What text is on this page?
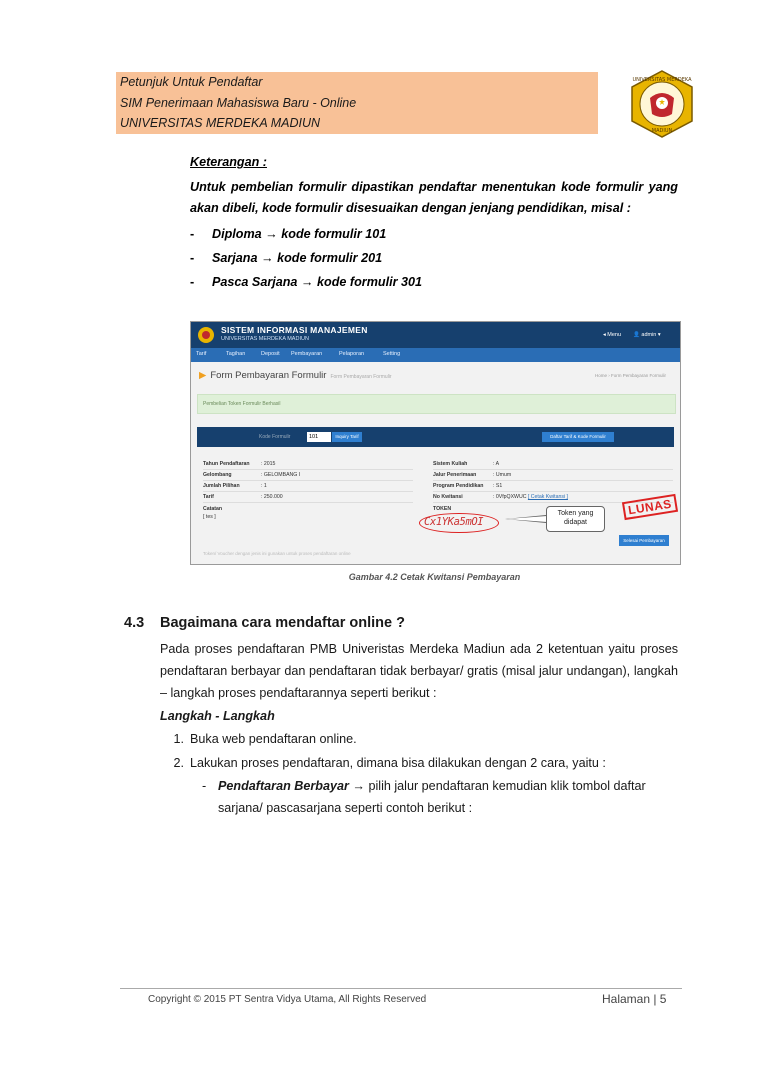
Petunjuk Untuk Pendaftar
SIM Penerimaan Mahasiswa Baru - Online
UNIVERSITAS MERDEKA MADIUN
UNIVERSITAS MERDEKA
MADIUN
Keterangan :

Untuk pembelian formulir dipastikan pendaftar menentukan kode formulir yang akan dibeli, kode formulir disesuaikan dengan jenjang pendidikan, misal :

-	Diploma → kode formulir 101
-	Sarjana → kode formulir 201
-	Pasca Sarjana → kode formulir 301
SISTEM INFORMASI MANAJEMEN
UNIVERSITAS MERDEKA MADIUN
◂ Menu 👤 admin ▾
Tarif	Tagihan	Deposit Pembayaran	Pelaporan	Setting
▶ Form Pembayaran Formulir Form Pembayaran Formulir	Home › Form Pembayaran Formulir
Pembelian Token Formulir Berhasil
Kode Formulir	101	Inquiry Tarif	Daftar Tarif & Kode Formulir
Tahun Pendaftaran : 2015
Gelombang	: GELOMBANG I
Jumlah Pilihan	: 1
Tarif	: 250.000
Catatan
[ tes ]
Sistem Kuliah	: A
Jalur Penerimaan	: Umum
Program Pendidikan : S1
No Kwitansi	: 0VfpQXWUC [ Cetak Kwitansi ]
TOKEN
Cx1YKa5mOI
Token yang didapat
LUNAS
Selesai Pembayaran
Token/ Voucher dengan jenis ini gunakan untuk proses pendaftaran online
Gambar 4.2 Cetak Kwitansi Pembayaran
4.3 Bagaimana cara mendaftar online ?

Pada proses pendaftaran PMB Univeristas Merdeka Madiun ada 2 ketentuan yaitu proses pendaftaran berbayar dan pendaftaran tidak berbayar/ gratis (misal jalur undangan), langkah – langkah proses pendaftarannya seperti berikut :

Langkah - Langkah
1. Buka web pendaftaran online.
2. Lakukan proses pendaftaran, dimana bisa dilakukan dengan 2 cara, yaitu :
- Pendaftaran Berbayar → pilih jalur pendaftaran kemudian klik tombol daftar sarjana/ pascasarjana seperti contoh berikut :
Copyright © 2015 PT Sentra Vidya Utama, All Rights Reserved	Halaman | 5
